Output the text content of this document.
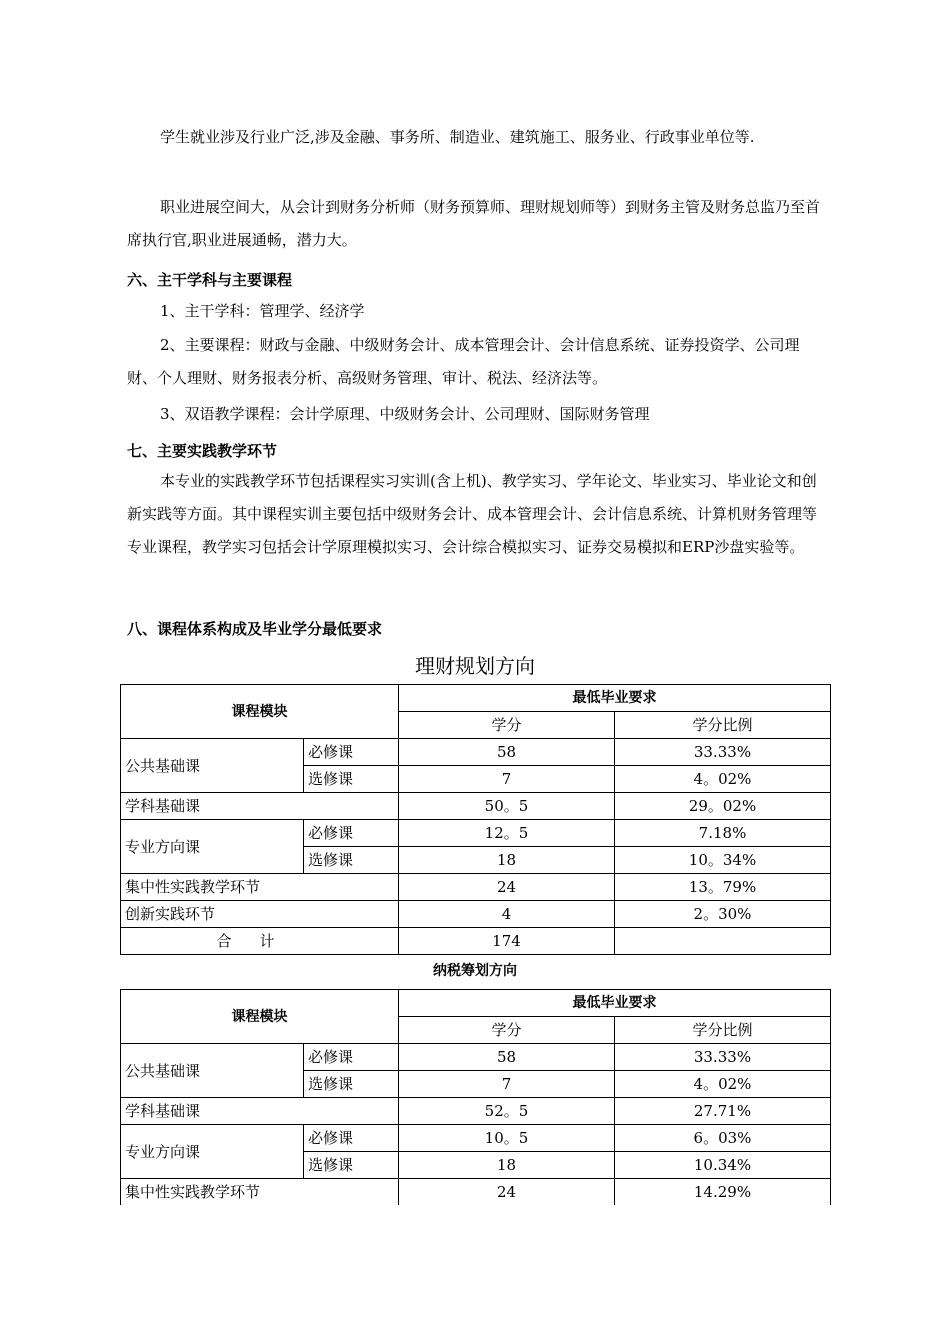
学生就业涉及行业广泛,涉及金融、事务所、制造业、建筑施工、服务业、行政事业单位等.
职业进展空间大，从会计到财务分析师（财务预算师、理财规划师等）到财务主管及财务总监乃至首席执行官,职业进展通畅，潜力大。
六、主干学科与主要课程
1、主干学科：管理学、经济学
2、主要课程：财政与金融、中级财务会计、成本管理会计、会计信息系统、证券投资学、公司理财、个人理财、财务报表分析、高级财务管理、审计、税法、经济法等。
3、双语教学课程：会计学原理、中级财务会计、公司理财、国际财务管理
七、主要实践教学环节
本专业的实践教学环节包括课程实习实训(含上机)、教学实习、学年论文、毕业实习、毕业论文和创新实践等方面。其中课程实训主要包括中级财务会计、成本管理会计、会计信息系统、计算机财务管理等专业课程，教学实习包括会计学原理模拟实习、会计综合模拟实习、证券交易模拟和ERP沙盘实验等。
八、课程体系构成及毕业学分最低要求
理财规划方向
课程模块		最低毕业要求	
		学分	学分比例
公共基础课	必修课	58	33.33%
	选修课	7	4。02%
学科基础课		50。5	29。02%
专业方向课	必修课	12。5	7.18%
	选修课	18	10。34%
集中性实践教学环节		24	13。79%
创新实践环节		4	2。30%
合计		174	
纳税筹划方向
课程模块		最低毕业要求	
		学分	学分比例
公共基础课	必修课	58	33.33%
	选修课	7	4。02%
学科基础课		52。5	27.71%
专业方向课	必修课	10。5	6。03%
	选修课	18	10.34%
集中性实践教学环节		24	14.29%
